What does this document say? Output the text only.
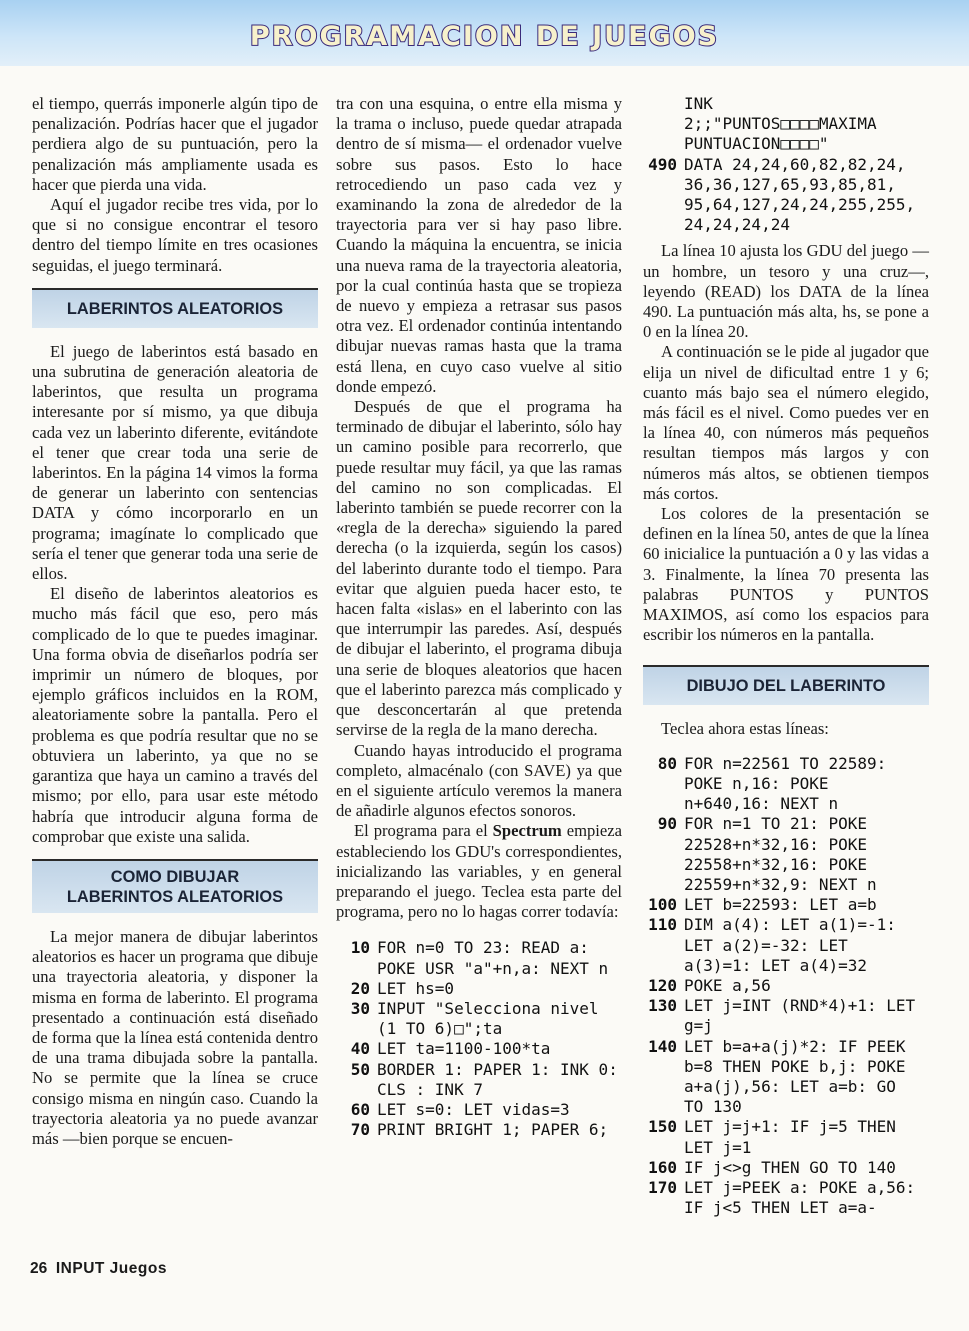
PROGRAMACION DE JUEGOS

el tiempo, querrás imponerle algún tipo de penalización. Podrías hacer que el jugador perdiera algo de su puntuación, pero la penalización más ampliamente usada es hacer que pierda una vida.

Aquí el jugador recibe tres vida, por lo que si no consigue encontrar el tesoro dentro del tiempo límite en tres ocasiones seguidas, el juego terminará.

LABERINTOS ALEATORIOS

El juego de laberintos está basado en una subrutina de generación aleatoria de laberintos, que resulta un programa interesante por sí mismo, ya que dibuja cada vez un laberinto diferente, evitándote el tener que crear toda una serie de laberintos. En la página 14 vimos la forma de generar un laberinto con sentencias DATA y cómo incorporarlo en un programa; imagínate lo complicado que sería el tener que generar toda una serie de ellos.

El diseño de laberintos aleatorios es mucho más fácil que eso, pero más complicado de lo que te puedes imaginar. Una forma obvia de diseñarlos podría ser imprimir un número de bloques, por ejemplo gráficos incluidos en la ROM, aleatoriamente sobre la pantalla. Pero el problema es que podría resultar que no se obtuviera un laberinto, ya que no se garantiza que haya un camino a través del mismo; por ello, para usar este método habría que introducir alguna forma de comprobar que existe una salida.

COMO DIBUJAR LABERINTOS ALEATORIOS

La mejor manera de dibujar laberintos aleatorios es hacer un programa que dibuje una trayectoria aleatoria, y disponer la misma en forma de laberinto. El programa presentado a continuación está diseñado de forma que la línea está contenida dentro de una trama dibujada sobre la pantalla. No se permite que la línea se cruce consigo misma en ningún caso. Cuando la trayectoria aleatoria ya no puede avanzar más —bien porque se encuen-

tra con una esquina, o entre ella misma y la trama o incluso, puede quedar atrapada dentro de sí misma— el ordenador vuelve sobre sus pasos. Esto lo hace retrocediendo un paso cada vez y examinando la zona de alrededor de la trayectoria para ver si hay paso libre. Cuando la máquina la encuentra, se inicia una nueva rama de la trayectoria aleatoria, por la cual continúa hasta que se tropieza de nuevo y empieza a retrasar sus pasos otra vez. El ordenador continúa intentando dibujar nuevas ramas hasta que la trama está llena, en cuyo caso vuelve al sitio donde empezó.

Después de que el programa ha terminado de dibujar el laberinto, sólo hay un camino posible para recorrerlo, que puede resultar muy fácil, ya que las ramas del camino no son complicadas. El laberinto también se puede recorrer con la «regla de la derecha» siguiendo la pared derecha (o la izquierda, según los casos) del laberinto durante todo el tiempo. Para evitar que alguien pueda hacer esto, te hacen falta «islas» en el laberinto con las que interrumpir las paredes. Así, después de dibujar el laberinto, el programa dibuja una serie de bloques aleatorios que hacen que el laberinto parezca más complicado y que desconcertarán al que pretenda servirse de la regla de la mano derecha.

Cuando hayas introducido el programa completo, almacénalo (con SAVE) ya que en el siguiente artículo veremos la manera de añadirle algunos efectos sonoros.

El programa para el Spectrum empieza estableciendo los GDU's correspondientes, inicializando las variables, y en general preparando el juego. Teclea esta parte del programa, pero no lo hagas correr todavía:

10 FOR n=0 TO 23: READ a:
POKE USR "a"+n,a: NEXT n
20 LET hs=0
30 INPUT "Selecciona nivel
(1 TO 6)□";ta
40 LET ta=1100-100*ta
50 BORDER 1: PAPER 1: INK 0:
CLS : INK 7
60 LET s=0: LET vidas=3
70 PRINT BRIGHT 1; PAPER 6;
INK
2;;"PUNTOS□□□□MAXIMA
PUNTUACION□□□□"
490 DATA 24,24,60,82,82,24,
36,36,127,65,93,85,81,
95,64,127,24,24,255,255,
24,24,24,24

La línea 10 ajusta los GDU del juego —un hombre, un tesoro y una cruz—, leyendo (READ) los DATA de la línea 490. La puntuación más alta, hs, se pone a 0 en la línea 20.

A continuación se le pide al jugador que elija un nivel de dificultad entre 1 y 6; cuanto más bajo sea el número elegido, más fácil es el nivel. Como puedes ver en la línea 40, con números más pequeños resultan tiempos más largos y con números más altos, se obtienen tiempos más cortos.

Los colores de la presentación se definen en la línea 50, antes de que la línea 60 inicialice la puntuación a 0 y las vidas a 3. Finalmente, la línea 70 presenta las palabras PUNTOS y PUNTOS MAXIMOS, así como los espacios para escribir los números en la pantalla.

DIBUJO DEL LABERINTO

Teclea ahora estas líneas:

80 FOR n=22561 TO 22589:
POKE n,16: POKE
n+640,16: NEXT n
90 FOR n=1 TO 21: POKE
22528+n*32,16: POKE
22558+n*32,16: POKE
22559+n*32,9: NEXT n
100 LET b=22593: LET a=b
110 DIM a(4): LET a(1)=-1:
LET a(2)=-32: LET
a(3)=1: LET a(4)=32
120 POKE a,56
130 LET j=INT (RND*4)+1: LET
g=j
140 LET b=a+a(j)*2: IF PEEK
b=8 THEN POKE b,j: POKE
a+a(j),56: LET a=b: GO
TO 130
150 LET j=j+1: IF j=5 THEN
LET j=1
160 IF j<>g THEN GO TO 140
170 LET j=PEEK a: POKE a,56:
IF j<5 THEN LET a=a-
26 INPUT Juegos
